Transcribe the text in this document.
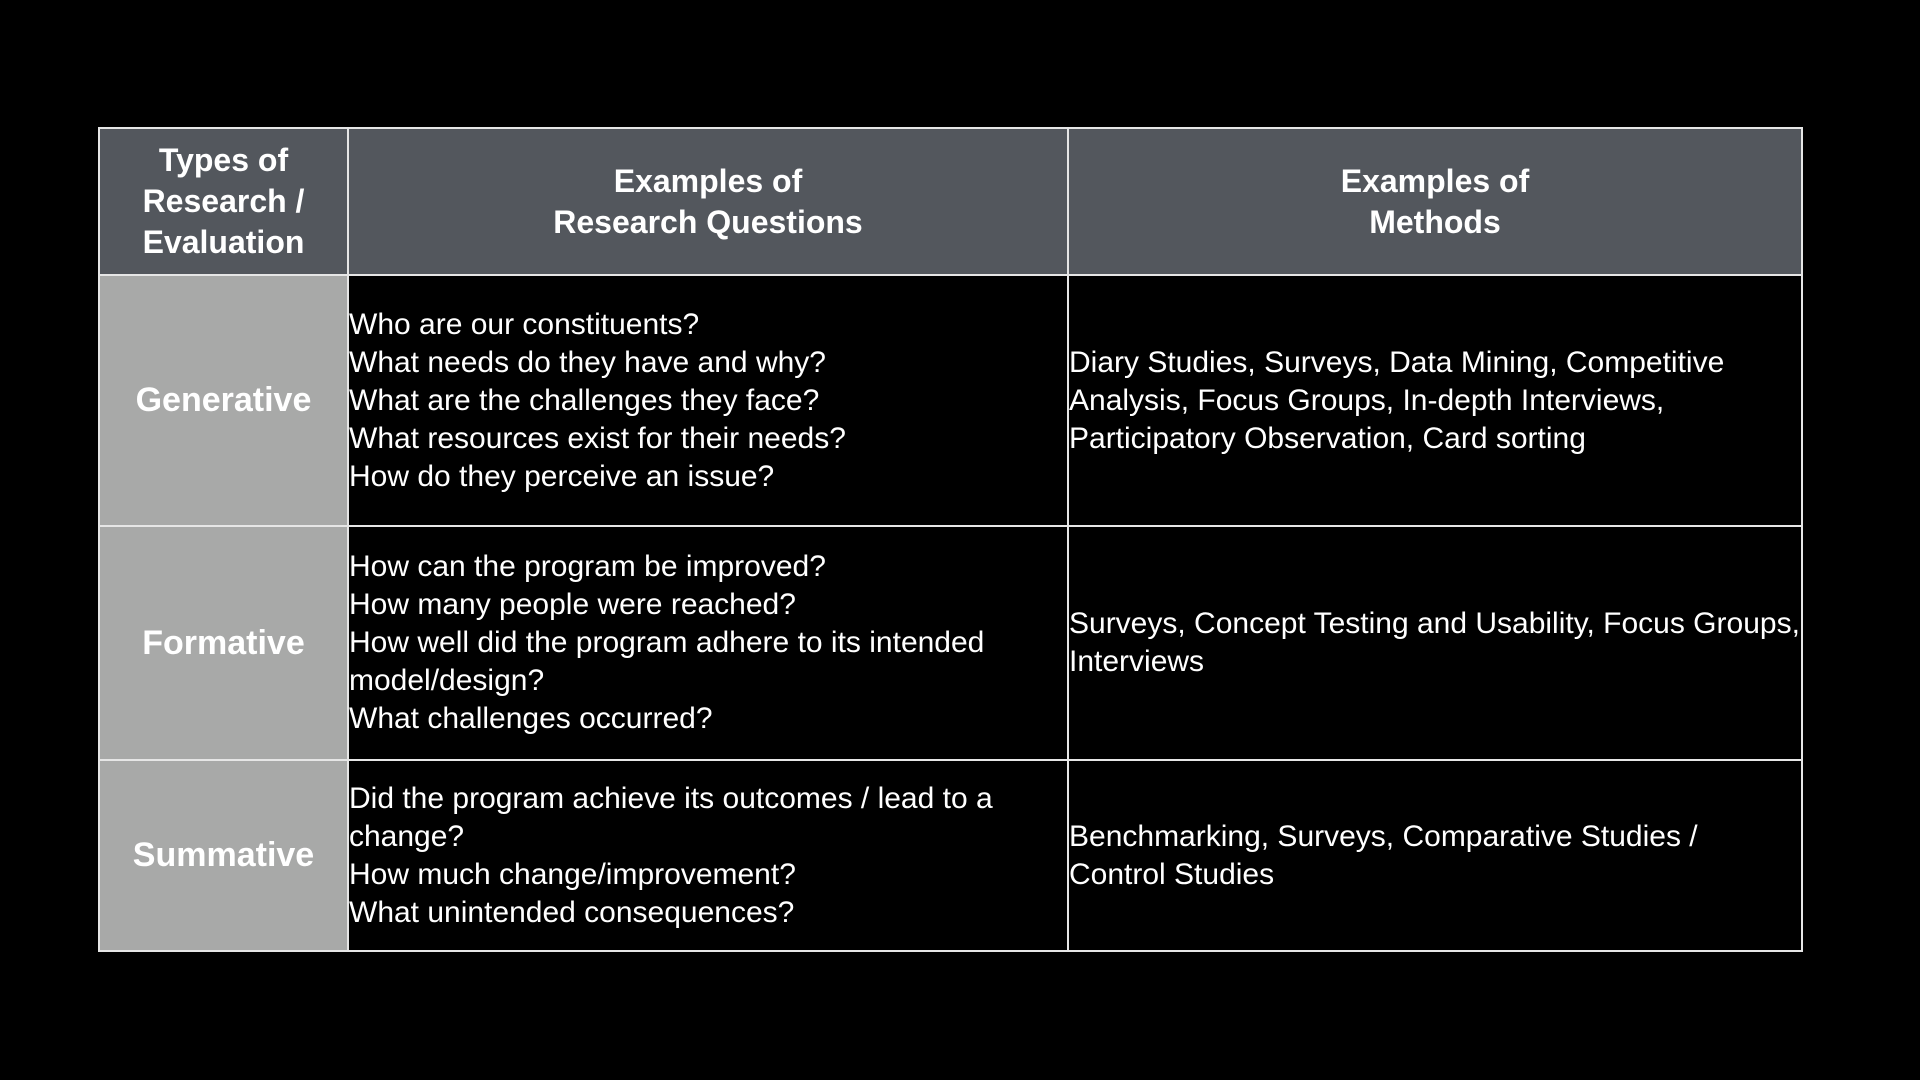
Types of
Research /
Evaluation	Examples of
Research Questions	Examples of
Methods

Generative	Who are our constituents?
What needs do they have and why?
What are the challenges they face?
What resources exist for their needs?
How do they perceive an issue?	Diary Studies, Surveys, Data Mining, Competitive Analysis, Focus Groups, In-depth Interviews, Participatory Observation, Card sorting
Formative	How can the program be improved?
How many people were reached?
How well did the program adhere to its intended model/design?
What challenges occurred?	Surveys, Concept Testing and Usability, Focus Groups, Interviews
Summative	Did the program achieve its outcomes / lead to a change?
How much change/improvement?
What unintended consequences?	Benchmarking, Surveys, Comparative Studies / Control Studies
